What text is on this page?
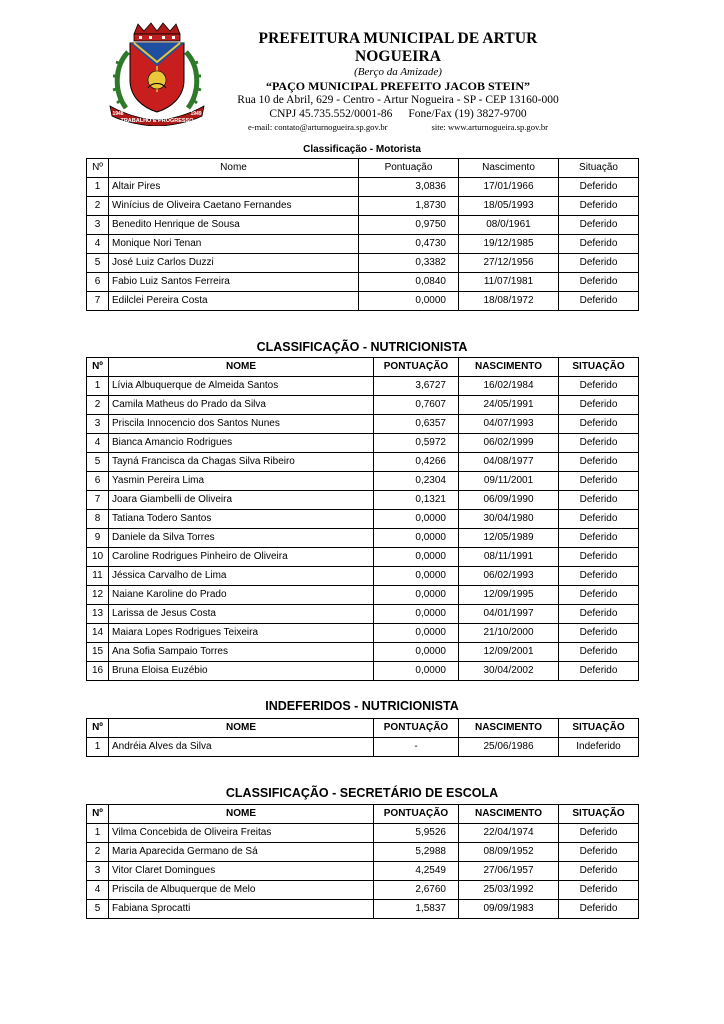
TRABALHO E PROGRESSO
1948	1949
PREFEITURA MUNICIPAL DE ARTUR NOGUEIRA
(Berço da Amizade)
“PAÇO MUNICIPAL PREFEITO JACOB STEIN”
Rua 10 de Abril, 629 - Centro - Artur Nogueira - SP - CEP 13160-000
CNPJ 45.735.552/0001-86 Fone/Fax (19) 3827-9700
e-mail: contato@arturnogueira.sp.gov.br	site: www.arturnogueira.sp.gov.br
Classificação - Motorista
Nº	Nome	Pontuação	Nascimento	Situação
1	Altair Pires	3,0836	17/01/1966	Deferido
2	Winícius de Oliveira Caetano Fernandes	1,8730	18/05/1993	Deferido
3	Benedito Henrique de Sousa	0,9750	08/0/1961	Deferido
4	Monique Nori Tenan	0,4730	19/12/1985	Deferido
5	José Luiz Carlos Duzzi	0,3382	27/12/1956	Deferido
6	Fabio Luiz Santos Ferreira	0,0840	11/07/1981	Deferido
7	Edilclei Pereira Costa	0,0000	18/08/1972	Deferido
CLASSIFICAÇÃO - NUTRICIONISTA
Nº	NOME	PONTUAÇÃO	NASCIMENTO	SITUAÇÃO
1	Lívia Albuquerque de Almeida Santos	3,6727	16/02/1984	Deferido
2	Camila Matheus do Prado da Silva	0,7607	24/05/1991	Deferido
3	Priscila Innocencio dos Santos Nunes	0,6357	04/07/1993	Deferido
4	Bianca Amancio Rodrigues	0,5972	06/02/1999	Deferido
5	Tayná Francisca da Chagas Silva Ribeiro	0,4266	04/08/1977	Deferido
6	Yasmin Pereira Lima	0,2304	09/11/2001	Deferido
7	Joara Giambelli de Oliveira	0,1321	06/09/1990	Deferido
8	Tatiana Todero Santos	0,0000	30/04/1980	Deferido
9	Daniele da Silva Torres	0,0000	12/05/1989	Deferido
10	Caroline Rodrigues Pinheiro de Oliveira	0,0000	08/11/1991	Deferido
11	Jéssica Carvalho de Lima	0,0000	06/02/1993	Deferido
12	Naiane Karoline do Prado	0,0000	12/09/1995	Deferido
13	Larissa de Jesus Costa	0,0000	04/01/1997	Deferido
14	Maiara Lopes Rodrigues Teixeira	0,0000	21/10/2000	Deferido
15	Ana Sofia Sampaio Torres	0,0000	12/09/2001	Deferido
16	Bruna Eloisa Euzébio	0,0000	30/04/2002	Deferido
INDEFERIDOS - NUTRICIONISTA
Nº	NOME	PONTUAÇÃO	NASCIMENTO	SITUAÇÃO
1	Andréia Alves da Silva	-	25/06/1986	Indeferido
CLASSIFICAÇÃO - SECRETÁRIO DE ESCOLA
Nº	NOME	PONTUAÇÃO	NASCIMENTO	SITUAÇÃO
1	Vilma Concebida de Oliveira Freitas	5,9526	22/04/1974	Deferido
2	Maria Aparecida Germano de Sá	5,2988	08/09/1952	Deferido
3	Vitor Claret Domingues	4,2549	27/06/1957	Deferido
4	Priscila de Albuquerque de Melo	2,6760	25/03/1992	Deferido
5	Fabiana Sprocatti	1,5837	09/09/1983	Deferido
